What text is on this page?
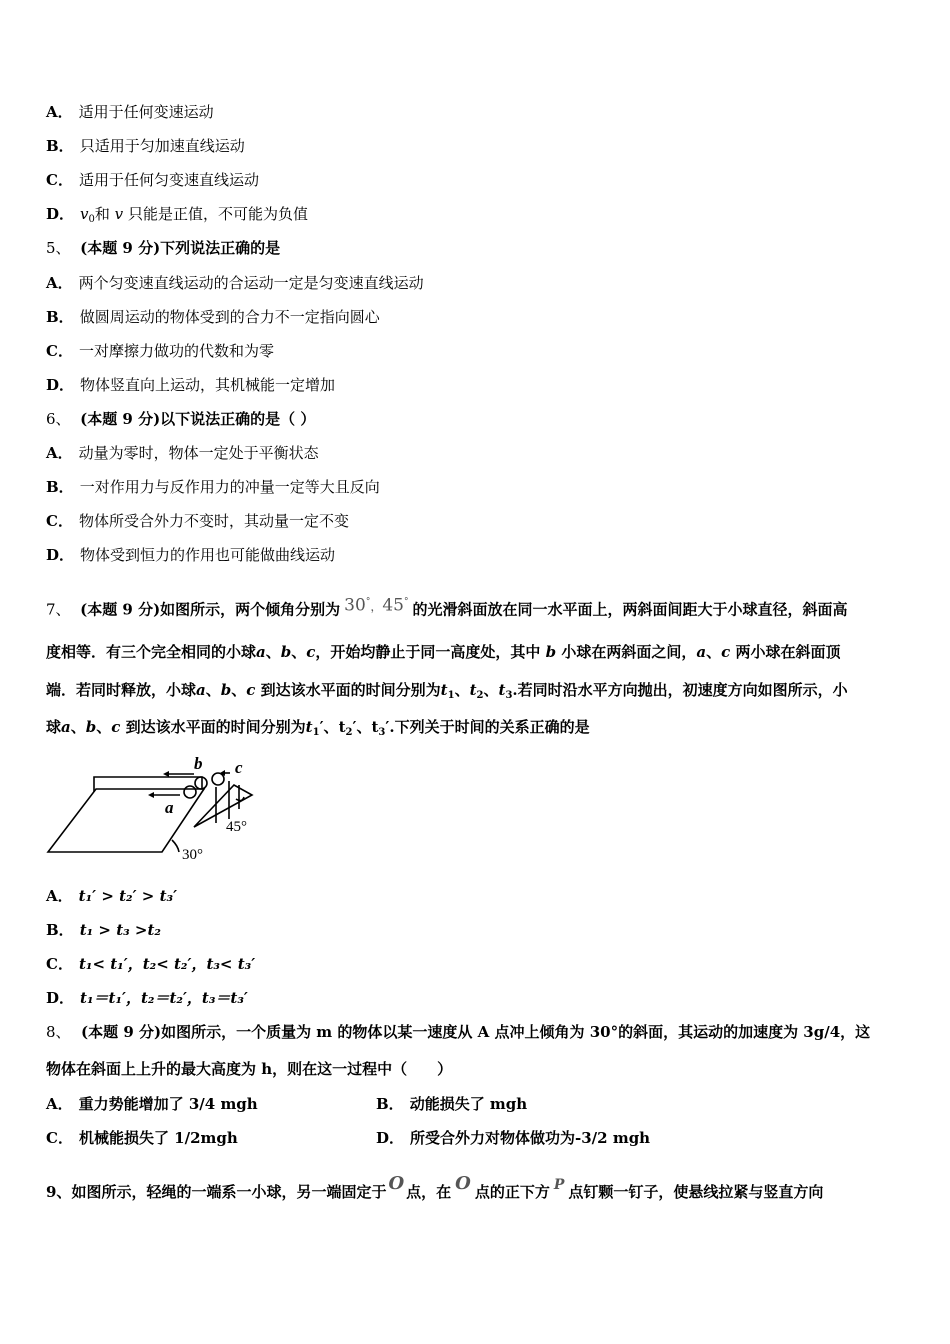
A． 适用于任何变速运动
B． 只适用于匀加速直线运动
C． 适用于任何匀变速直线运动
D． $v_0$和 v 只能是正值，不可能为负值
5、 (本题 9 分)下列说法正确的是
A． 两个匀变速直线运动的合运动一定是匀变速直线运动
B． 做圆周运动的物体受到的合力不一定指向圆心
C． 一对摩擦力做功的代数和为零
D． 物体竖直向上运动，其机械能一定增加
6、 (本题 9 分)以下说法正确的是（ ）
A． 动量为零时，物体一定处于平衡状态
B． 一对作用力与反作用力的冲量一定等大且反向
C． 物体所受合外力不变时，其动量一定不变
D． 物体受到恒力的作用也可能做曲线运动
7、 (本题 9 分)如图所示，两个倾角分别为 30°，45° 的光滑斜面放在同一水平面上，两斜面间距大于小球直径，斜面高
度相等．有三个完全相同的小球a、b、c，开始均静止于同一高度处，其中 b 小球在两斜面之间，a、c 两小球在斜面顶
端．若同时释放，小球a、b、c 到达该水平面的时间分别为$t_1$、$t_2$、$t_3$.若同时沿水平方向抛出，初速度方向如图所示，小
球a、b、c 到达该水平面的时间分别为$t_1'$、$t_2'$、$t_3'$.下列关于时间的关系正确的是
a
b c
45°
30°
A． t₁′ > t₂′ > t₃′
B． t₁ > t₃ >t₂
C． t₁< t₁′，t₂< t₂′，t₃< t₃′
D． t₁＝t₁′，t₂＝t₂′，t₃＝t₃′
8、 (本题 9 分)如图所示，一个质量为 m 的物体以某一速度从 A 点冲上倾角为 30°的斜面，其运动的加速度为 3g/4，这
物体在斜面上上升的最大高度为 h，则在这一过程中（　　）
A． 重力势能增加了 3/4 mgh	B． 动能损失了 mgh
C． 机械能损失了 1/2mgh	D． 所受合外力对物体做功为-3/2 mgh
9、如图所示，轻绳的一端系一小球，另一端固定于 O 点，在 O 点的正下方 P 点钉颗一钉子，使悬线拉紧与竖直方向
